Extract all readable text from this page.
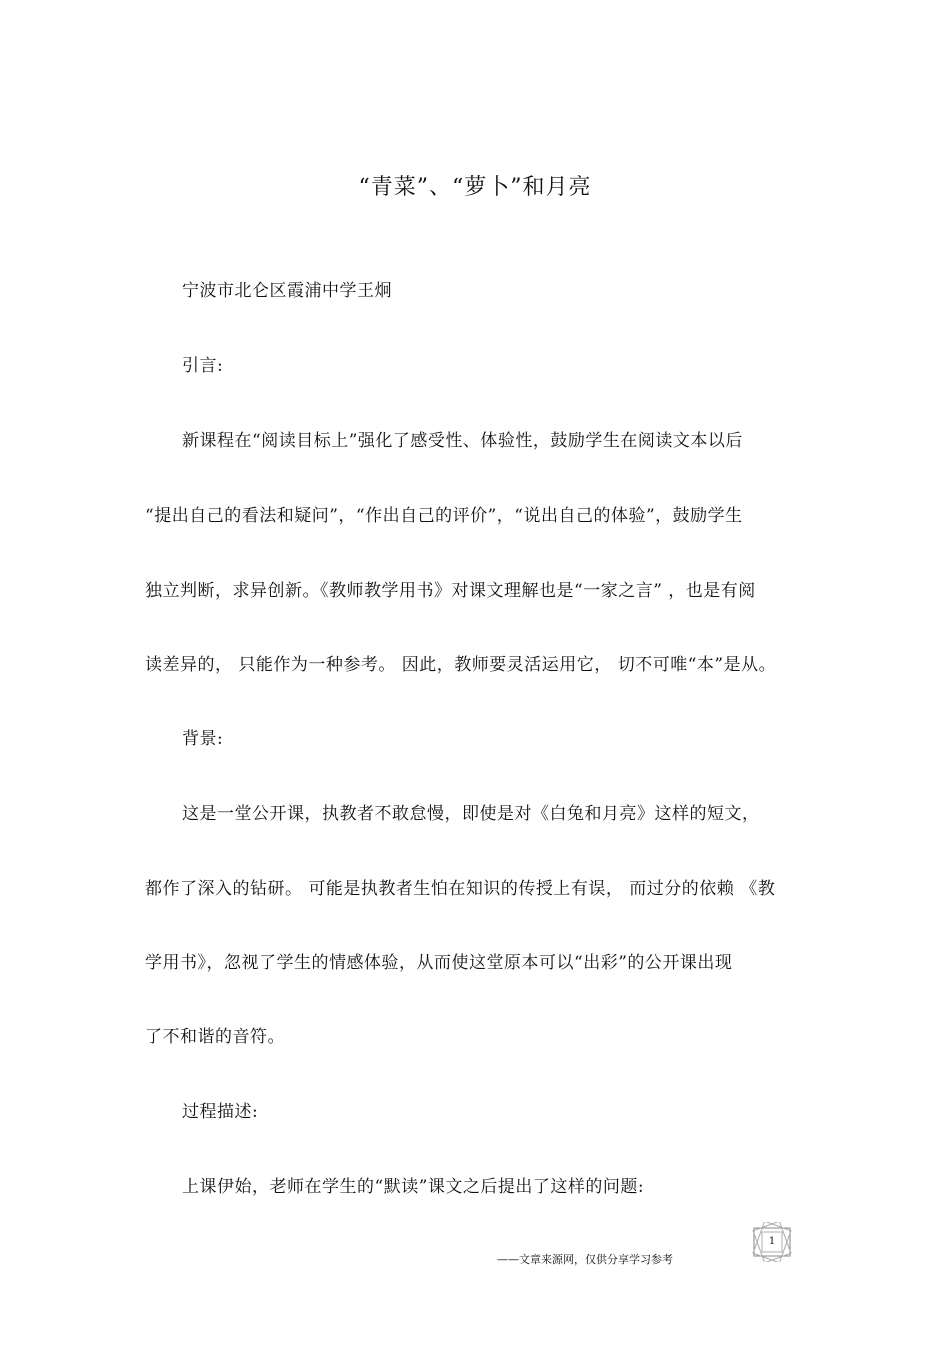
“青菜”、“萝卜”和月亮
宁波市北仑区霞浦中学王炯
引言:
新课程在“阅读目标上”强化了感受性、体验性，鼓励学生在阅读文本以后
“提出自己的看法和疑问”，“作出自己的评价”，“说出自己的体验”，鼓励学生
独立判断，求异创新。《教师教学用书》对课文理解也是“一家之言” ，也是有阅
读差异的， 只能作为一种参考。 因此，教师要灵活运用它， 切不可唯“本”是从。
背景:
这是一堂公开课，执教者不敢怠慢，即使是对《白兔和月亮》这样的短文，
都作了深入的钻研。 可能是执教者生怕在知识的传授上有误， 而过分的依赖 《教
学用书》，忽视了学生的情感体验，从而使这堂原本可以“出彩”的公开课出现
了不和谐的音符。
过程描述:
上课伊始，老师在学生的“默读”课文之后提出了这样的问题:
——文章来源网，仅供分享学习参考
1
